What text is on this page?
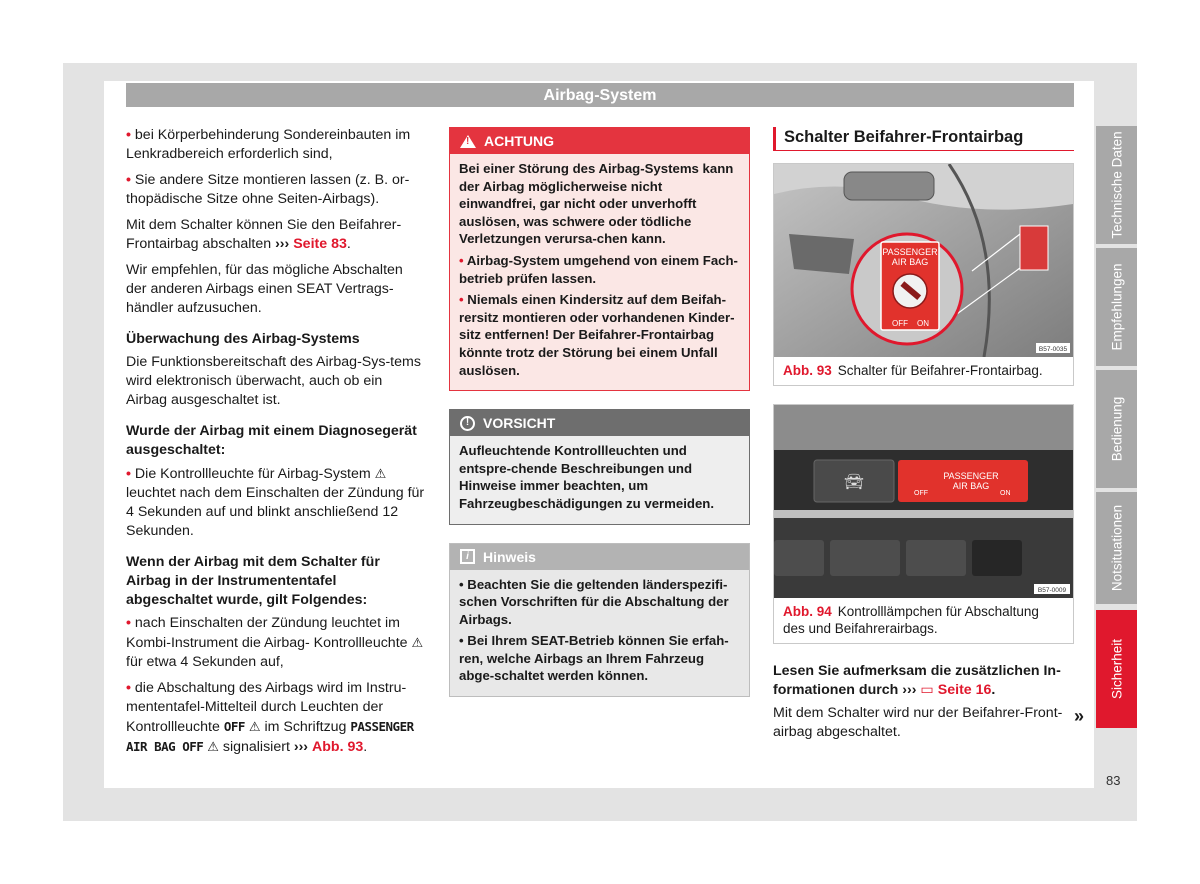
Airbag-System

• bei Körperbehinderung Sondereinbauten im Lenkradbereich erforderlich sind,

• Sie andere Sitze montieren lassen (z. B. or-thopädische Sitze ohne Seiten-Airbags).

Mit dem Schalter können Sie den Beifahrer-Frontairbag abschalten ››› Seite 83.

Wir empfehlen, für das mögliche Abschalten der anderen Airbags einen SEAT Vertrags-händler aufzusuchen.

Überwachung des Airbag-Systems

Die Funktionsbereitschaft des Airbag-Sys-tems wird elektronisch überwacht, auch ob ein Airbag ausgeschaltet ist.

Wurde der Airbag mit einem Diagnosegerät ausgeschaltet:

• Die Kontrollleuchte für Airbag-System ⚠︎ leuchtet nach dem Einschalten der Zündung für 4 Sekunden auf und blinkt anschließend 12 Sekunden.

Wenn der Airbag mit dem Schalter für Airbag in der Instrumententafel abgeschaltet wurde, gilt Folgendes:

• nach Einschalten der Zündung leuchtet im Kombi-Instrument die Airbag- Kontrollleuchte ⚠︎ für etwa 4 Sekunden auf,

• die Abschaltung des Airbags wird im Instru-mententafel-Mittelteil durch Leuchten der Kontrollleuchte OFF ⚠︎ im Schriftzug PASSENGER AIR BAG OFF ⚠︎ signalisiert ››› Abb. 93.

!
ACHTUNG

Bei einer Störung des Airbag-Systems kann der Airbag möglicherweise nicht einwandfrei, gar nicht oder unverhofft auslösen, was schwere oder tödliche Verletzungen verursa-chen kann.

• Airbag-System umgehend von einem Fach-betrieb prüfen lassen.

• Niemals einen Kindersitz auf dem Beifah-rersitz montieren oder vorhandenen Kinder-sitz entfernen! Der Beifahrer-Frontairbag könnte trotz der Störung bei einem Unfall auslösen.

! VORSICHT

Aufleuchtende Kontrollleuchten und entspre-chende Beschreibungen und Hinweise immer beachten, um Fahrzeugbeschädigungen zu vermeiden.

i	Hinweis

• Beachten Sie die geltenden länderspezifi-schen Vorschriften für die Abschaltung der Airbags.

• Bei Ihrem SEAT-Betrieb können Sie erfah-ren, welche Airbags an Ihrem Fahrzeug abge-schaltet werden können.

Schalter Beifahrer-Frontairbag
PASSENGER
AIR BAG
OFF ON
B57-0035
Abb. 93 Schalter für Beifahrer-Frontairbag.
🚘︎	PASSENGER
AIR BAG
OFF	ON
B57-0009
Abb. 94 Kontrolllämpchen für Abschaltung des und Beifahrerairbags.

Lesen Sie aufmerksam die zusätzlichen In-formationen durch ››› ▭ Seite 16.

Mit dem Schalter wird nur der Beifahrer-Front-airbag abgeschaltet.

»
Technische Daten
Empfehlungen
Bedienung
Notsituationen
Sicherheit
83
